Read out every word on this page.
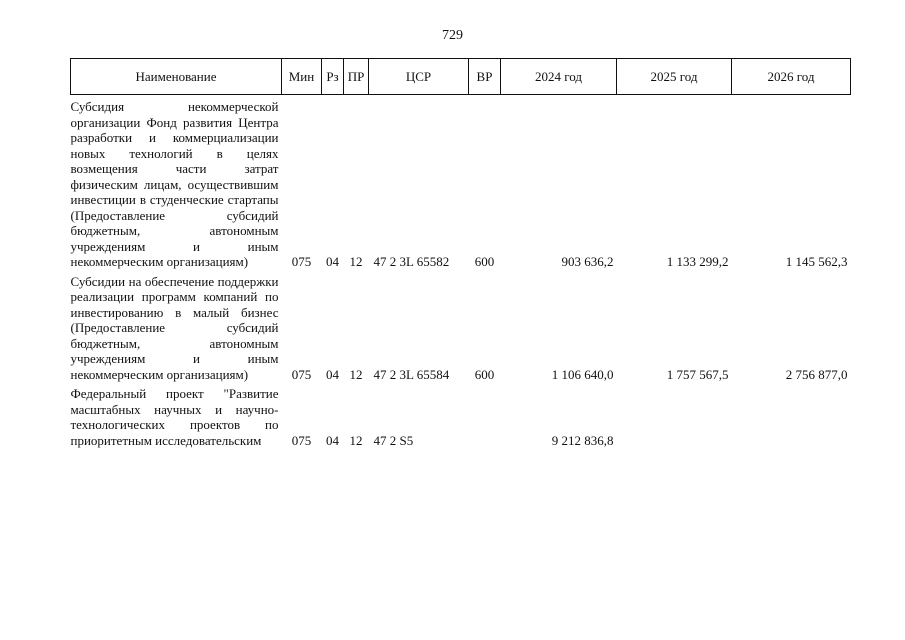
729
Наименование	Мин	Рз	ПР	ЦСР	ВР	2024 год	2025 год	2026 год

Субсидия некоммерческой организации Фонд развития Центра разработки и коммерциализации новых технологий в целях возмещения части затрат физическим лицам, осуществившим инвестиции в студенческие стартапы (Предоставление субсидий бюджетным, автономным учреждениям и иным некоммерческим организациям)	075	04	12	47 2 3L 65582	600	903 636,2	1 133 299,2	1 145 562,3

Субсидии на обеспечение поддержки реализации программ компаний по инвестированию в малый бизнес (Предоставление субсидий бюджетным, автономным учреждениям и иным некоммерческим организациям)	075	04	12	47 2 3L 65584	600	1 106 640,0	1 757 567,5	2 756 877,0

Федеральный проект "Развитие масштабных научных и научно-технологических проектов по приоритетным исследовательским	075	04	12	47 2 S5		9 212 836,8		
